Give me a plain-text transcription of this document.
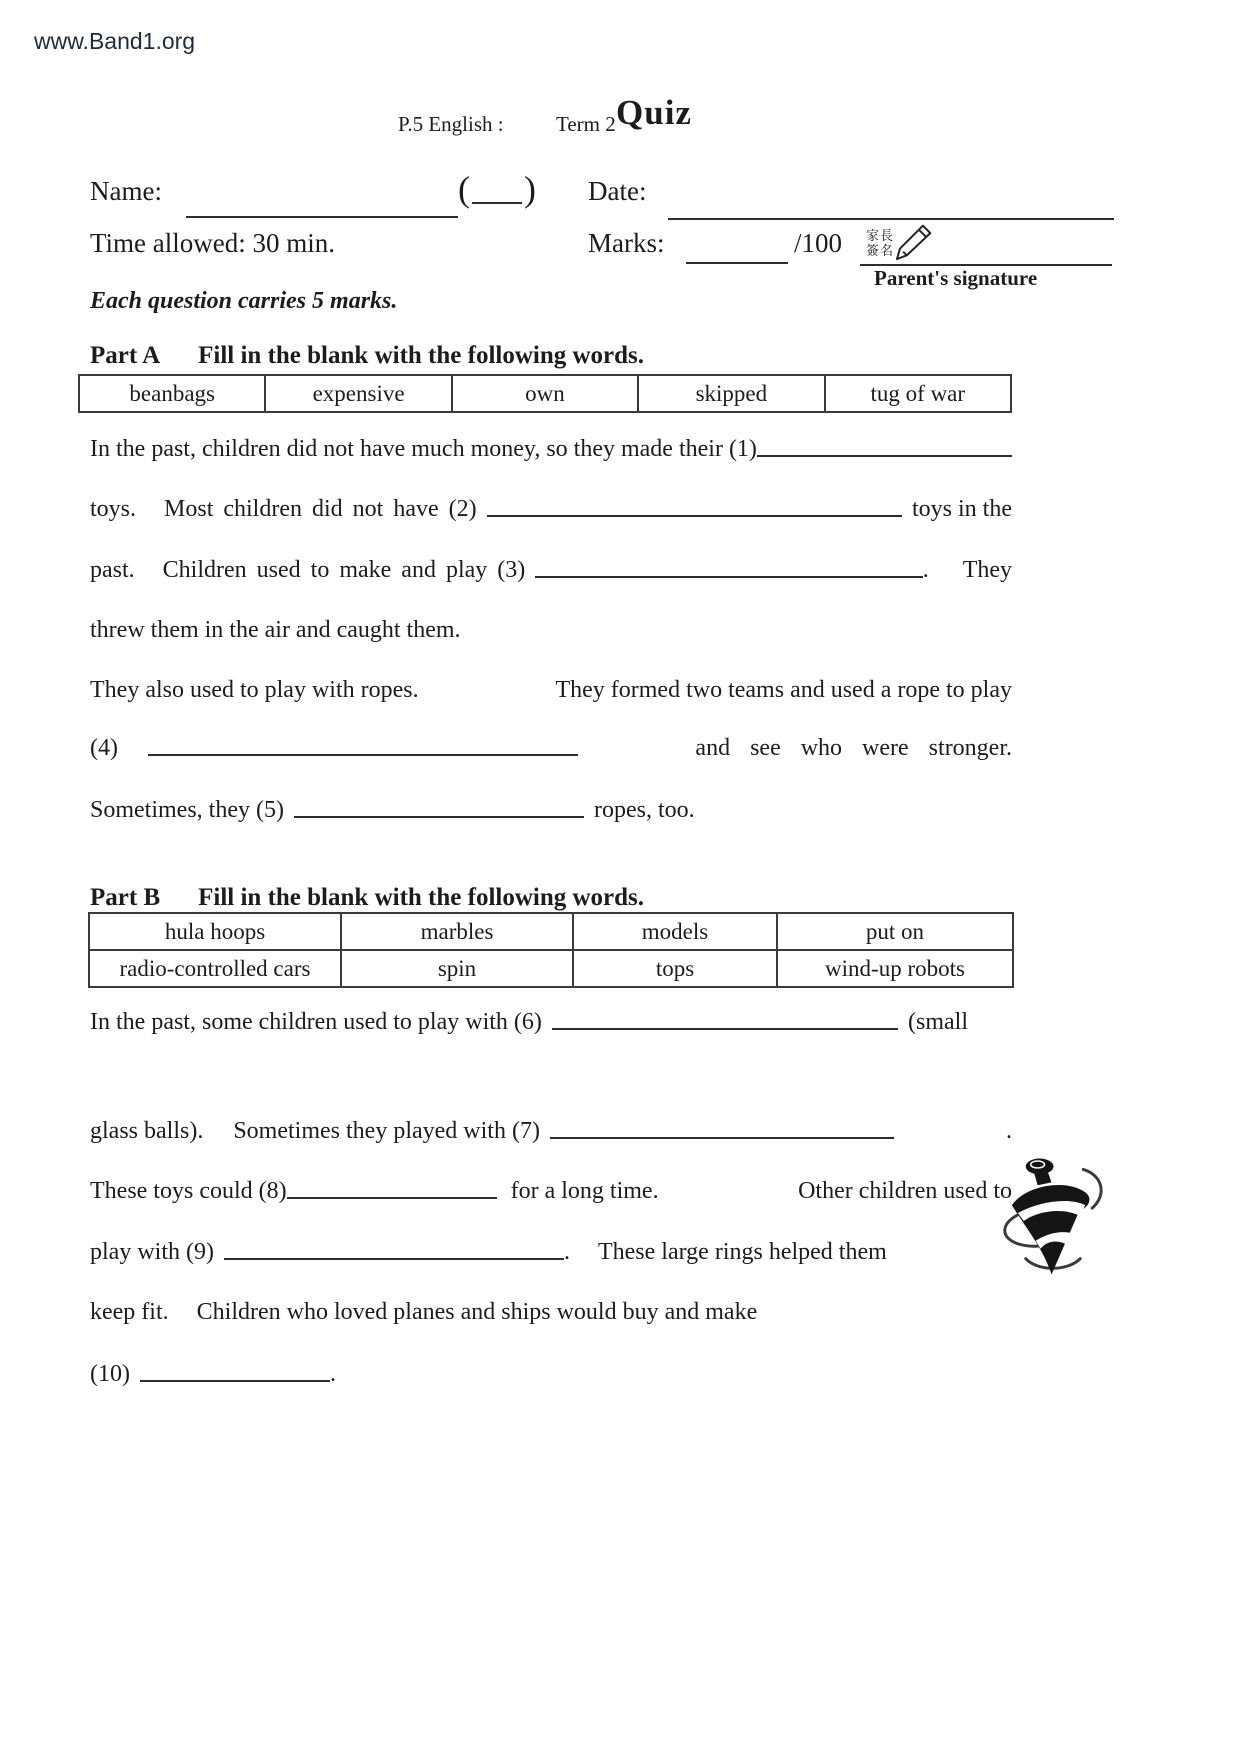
www.Band1.org
P.5 English : Term 2 Quiz
Name:	( ) Date:
Time allowed: 30 min.	Marks:	/100 家長
簽名
Parent's signature
Each question carries 5 marks.
Part A Fill in the blank with the following words.
beanbags	expensive	own	skipped	tug of war
In the past, children did not have much money, so they made their (1)
toys. Most children did not have (2)	toys in the
past. Children used to make and play (3)	. They
threw them in the air and caught them.
They also used to play with ropes.	They formed two teams and used a rope to play
(4)	and see who were stronger.
Sometimes, they (5)	ropes, too.
Part B Fill in the blank with the following words.
hula hoops	marbles	models	put on
radio-controlled cars	spin	tops	wind-up robots
In the past, some children used to play with (6)	(small
glass balls). Sometimes they played with (7)	.
These toys could (8)	for a long time.	Other children used to
play with (9)	. These large rings helped them
keep fit. Children who loved planes and ships would buy and make
(10)	.
